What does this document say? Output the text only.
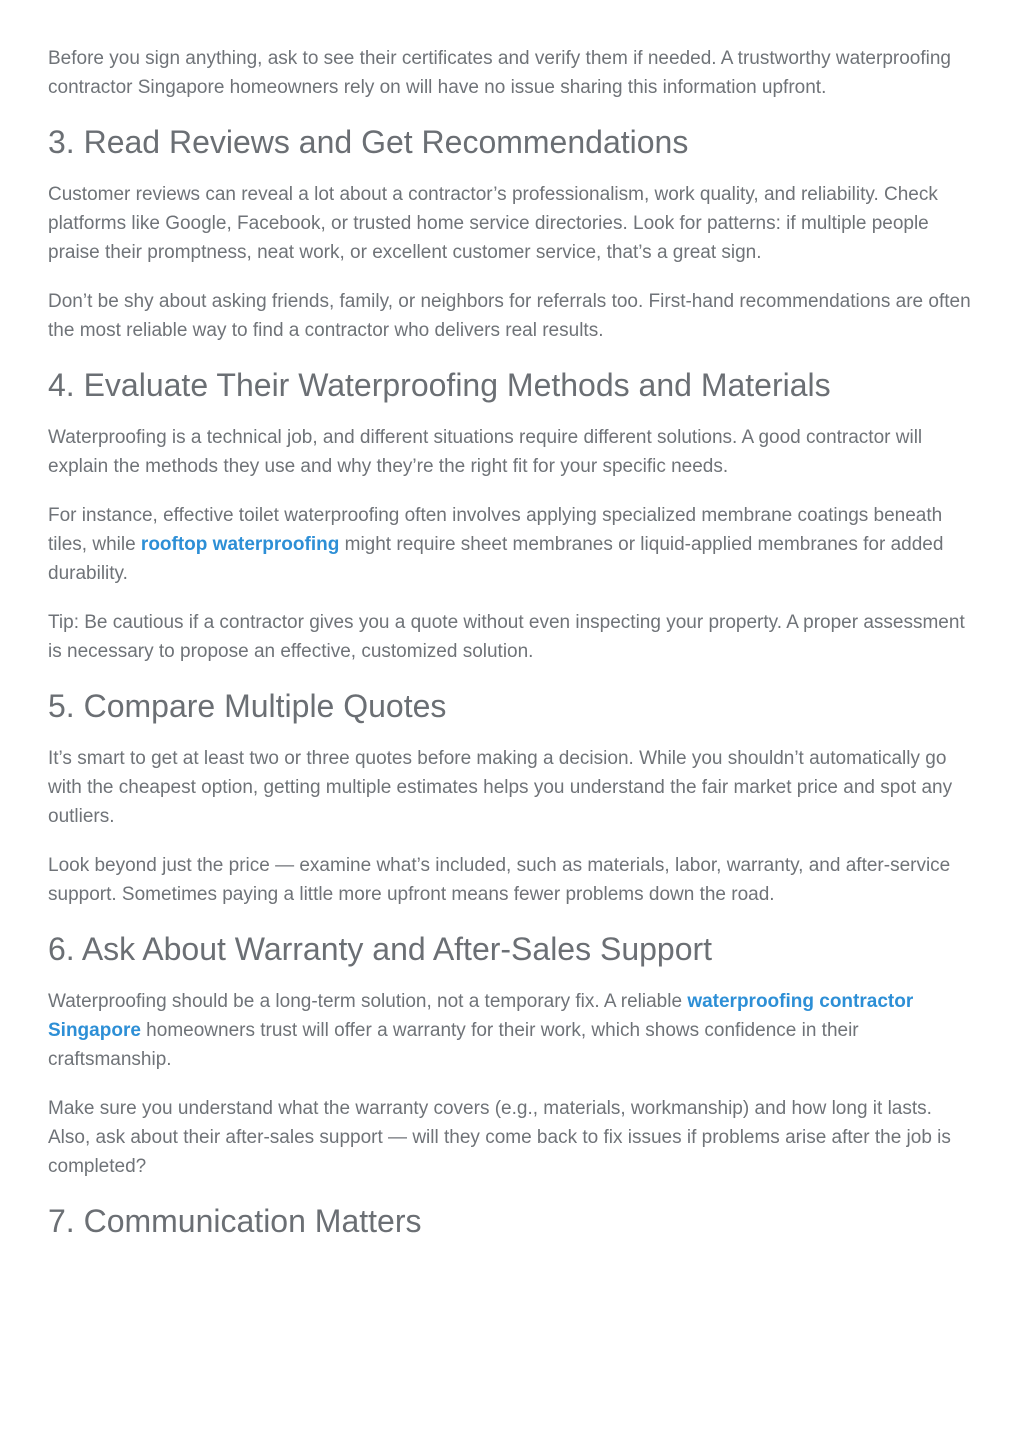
Before you sign anything, ask to see their certificates and verify them if needed. A trustworthy waterproofing contractor Singapore homeowners rely on will have no issue sharing this information upfront.

3. Read Reviews and Get Recommendations

Customer reviews can reveal a lot about a contractor’s professionalism, work quality, and reliability. Check platforms like Google, Facebook, or trusted home service directories. Look for patterns: if multiple people praise their promptness, neat work, or excellent customer service, that’s a great sign.

Don’t be shy about asking friends, family, or neighbors for referrals too. First-hand recommendations are often the most reliable way to find a contractor who delivers real results.

4. Evaluate Their Waterproofing Methods and Materials

Waterproofing is a technical job, and different situations require different solutions. A good contractor will explain the methods they use and why they’re the right fit for your specific needs.

For instance, effective toilet waterproofing often involves applying specialized membrane coatings beneath tiles, while rooftop waterproofing might require sheet membranes or liquid-applied membranes for added durability.

Tip: Be cautious if a contractor gives you a quote without even inspecting your property. A proper assessment is necessary to propose an effective, customized solution.

5. Compare Multiple Quotes

It’s smart to get at least two or three quotes before making a decision. While you shouldn’t automatically go with the cheapest option, getting multiple estimates helps you understand the fair market price and spot any outliers.

Look beyond just the price — examine what’s included, such as materials, labor, warranty, and after-service support. Sometimes paying a little more upfront means fewer problems down the road.

6. Ask About Warranty and After-Sales Support

Waterproofing should be a long-term solution, not a temporary fix. A reliable waterproofing contractor Singapore homeowners trust will offer a warranty for their work, which shows confidence in their craftsmanship.

Make sure you understand what the warranty covers (e.g., materials, workmanship) and how long it lasts. Also, ask about their after-sales support — will they come back to fix issues if problems arise after the job is completed?

7. Communication Matters
